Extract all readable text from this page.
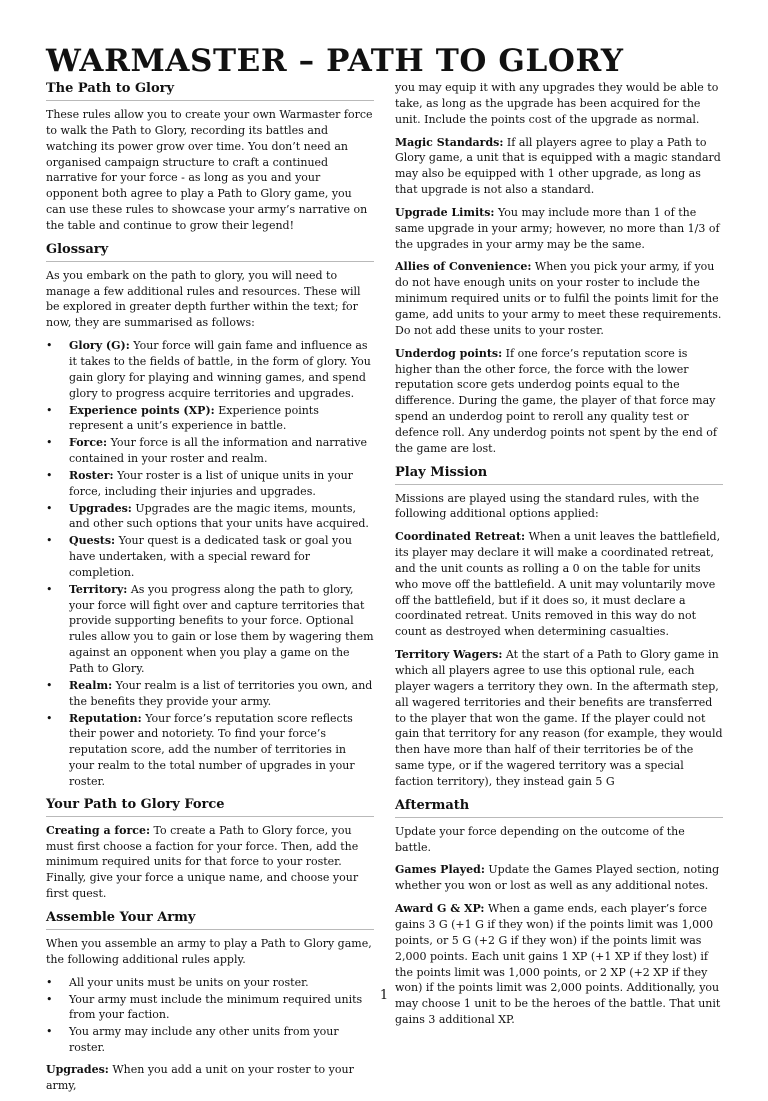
WARMASTER – PATH TO GLORY
The Path to Glory

These rules allow you to create your own Warmaster force to walk the Path to Glory, recording its battles and watching its power grow over time. You don’t need an organised campaign structure to craft a continued narrative for your force - as long as you and your opponent both agree to play a Path to Glory game, you can use these rules to showcase your army’s narrative on the table and continue to grow their legend!

Glossary

As you embark on the path to glory, you will need to manage a few additional rules and resources. These will be explored in greater depth further within the text; for now, they are summarised as follows:

• Glory (G): Your force will gain fame and influence as it takes to the fields of battle, in the form of glory. You gain glory for playing and winning games, and spend glory to progress acquire territories and upgrades.
• Experience points (XP): Experience points represent a unit’s experience in battle.
• Force: Your force is all the information and narrative contained in your roster and realm.
• Roster: Your roster is a list of unique units in your force, including their injuries and upgrades.
• Upgrades: Upgrades are the magic items, mounts, and other such options that your units have acquired.
• Quests: Your quest is a dedicated task or goal you have undertaken, with a special reward for completion.
• Territory: As you progress along the path to glory, your force will fight over and capture territories that provide supporting benefits to your force. Optional rules allow you to gain or lose them by wagering them against an opponent when you play a game on the Path to Glory.
• Realm: Your realm is a list of territories you own, and the benefits they provide your army.
• Reputation: Your force’s reputation score reflects their power and notoriety. To find your force’s reputation score, add the number of territories in your realm to the total number of upgrades in your roster.
Your Path to Glory Force

Creating a force: To create a Path to Glory force, you must first choose a faction for your force. Then, add the minimum required units for that force to your roster. Finally, give your force a unique name, and choose your first quest.

Assemble Your Army

When you assemble an army to play a Path to Glory game, the following additional rules apply.

• All your units must be units on your roster.
• Your army must include the minimum required units from your faction.
• You army may include any other units from your roster.

Upgrades: When you add a unit on your roster to your army,

you may equip it with any upgrades they would be able to take, as long as the upgrade has been acquired for the unit. Include the points cost of the upgrade as normal.

Magic Standards: If all players agree to play a Path to Glory game, a unit that is equipped with a magic standard may also be equipped with 1 other upgrade, as long as that upgrade is not also a standard.

Upgrade Limits: You may include more than 1 of the same upgrade in your army; however, no more than 1/3 of the upgrades in your army may be the same.

Allies of Convenience: When you pick your army, if you do not have enough units on your roster to include the minimum required units or to fulfil the points limit for the game, add units to your army to meet these requirements. Do not add these units to your roster.

Underdog points: If one force’s reputation score is higher than the other force, the force with the lower reputation score gets underdog points equal to the difference. During the game, the player of that force may spend an underdog point to reroll any quality test or defence roll. Any underdog points not spent by the end of the game are lost.

Play Mission

Missions are played using the standard rules, with the following additional options applied:

Coordinated Retreat: When a unit leaves the battlefield, its player may declare it will make a coordinated retreat, and the unit counts as rolling a 0 on the table for units who move off the battlefield. A unit may voluntarily move off the battlefield, but if it does so, it must declare a coordinated retreat. Units removed in this way do not count as destroyed when determining casualties.

Territory Wagers: At the start of a Path to Glory game in which all players agree to use this optional rule, each player wagers a territory they own. In the aftermath step, all wagered territories and their benefits are transferred to the player that won the game. If the player could not gain that territory for any reason (for example, they would then have more than half of their territories be of the same type, or if the wagered territory was a special faction territory), they instead gain 5 G

Aftermath

Update your force depending on the outcome of the battle.

Games Played: Update the Games Played section, noting whether you won or lost as well as any additional notes.

Award G & XP: When a game ends, each player’s force gains 3 G (+1 G if they won) if the points limit was 1,000 points, or 5 G (+2 G if they won) if the points limit was 2,000 points. Each unit gains 1 XP (+1 XP if they lost) if the points limit was 1,000 points, or 2 XP (+2 XP if they won) if the points limit was 2,000 points. Additionally, you may choose 1 unit to be the heroes of the battle. That unit gains 3 additional XP.

1
